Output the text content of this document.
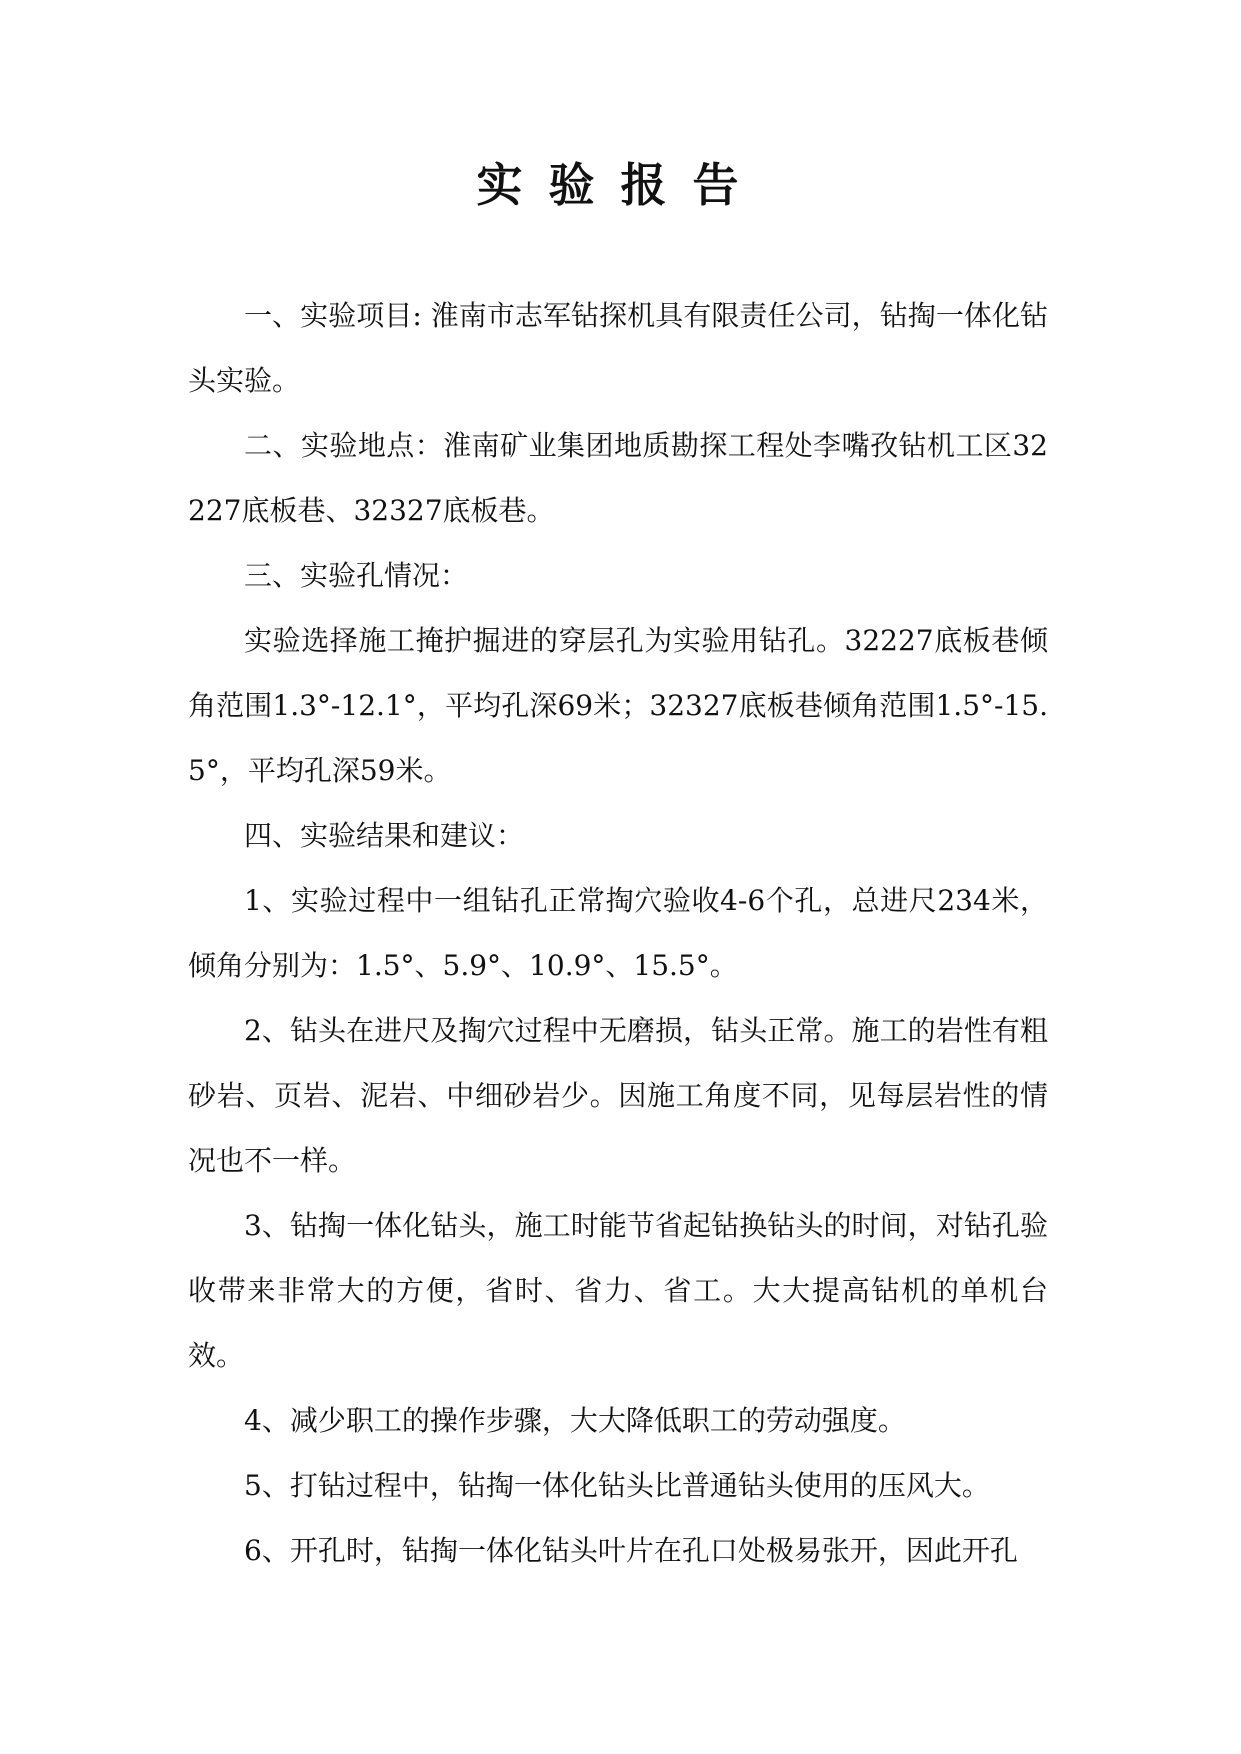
实验报告

一、实验项目: 淮南市志军钻探机具有限责任公司，钻掏一体化钻头实验。

二、实验地点：淮南矿业集团地质勘探工程处李嘴孜钻机工区32227底板巷、32327底板巷。

三、实验孔情况：

实验选择施工掩护掘进的穿层孔为实验用钻孔。32227底板巷倾角范围1.3°-12.1°，平均孔深69米；32327底板巷倾角范围1.5°-15.5°，平均孔深59米。

四、实验结果和建议：

1、实验过程中一组钻孔正常掏穴验收4-6个孔，总进尺234米，倾角分别为：1.5°、5.9°、10.9°、15.5°。

2、钻头在进尺及掏穴过程中无磨损，钻头正常。施工的岩性有粗砂岩、页岩、泥岩、中细砂岩少。因施工角度不同，见每层岩性的情况也不一样。

3、钻掏一体化钻头，施工时能节省起钻换钻头的时间，对钻孔验收带来非常大的方便，省时、省力、省工。大大提高钻机的单机台效。

4、减少职工的操作步骤，大大降低职工的劳动强度。

5、打钻过程中，钻掏一体化钻头比普通钻头使用的压风大。

6、开孔时，钻掏一体化钻头叶片在孔口处极易张开，因此开孔
